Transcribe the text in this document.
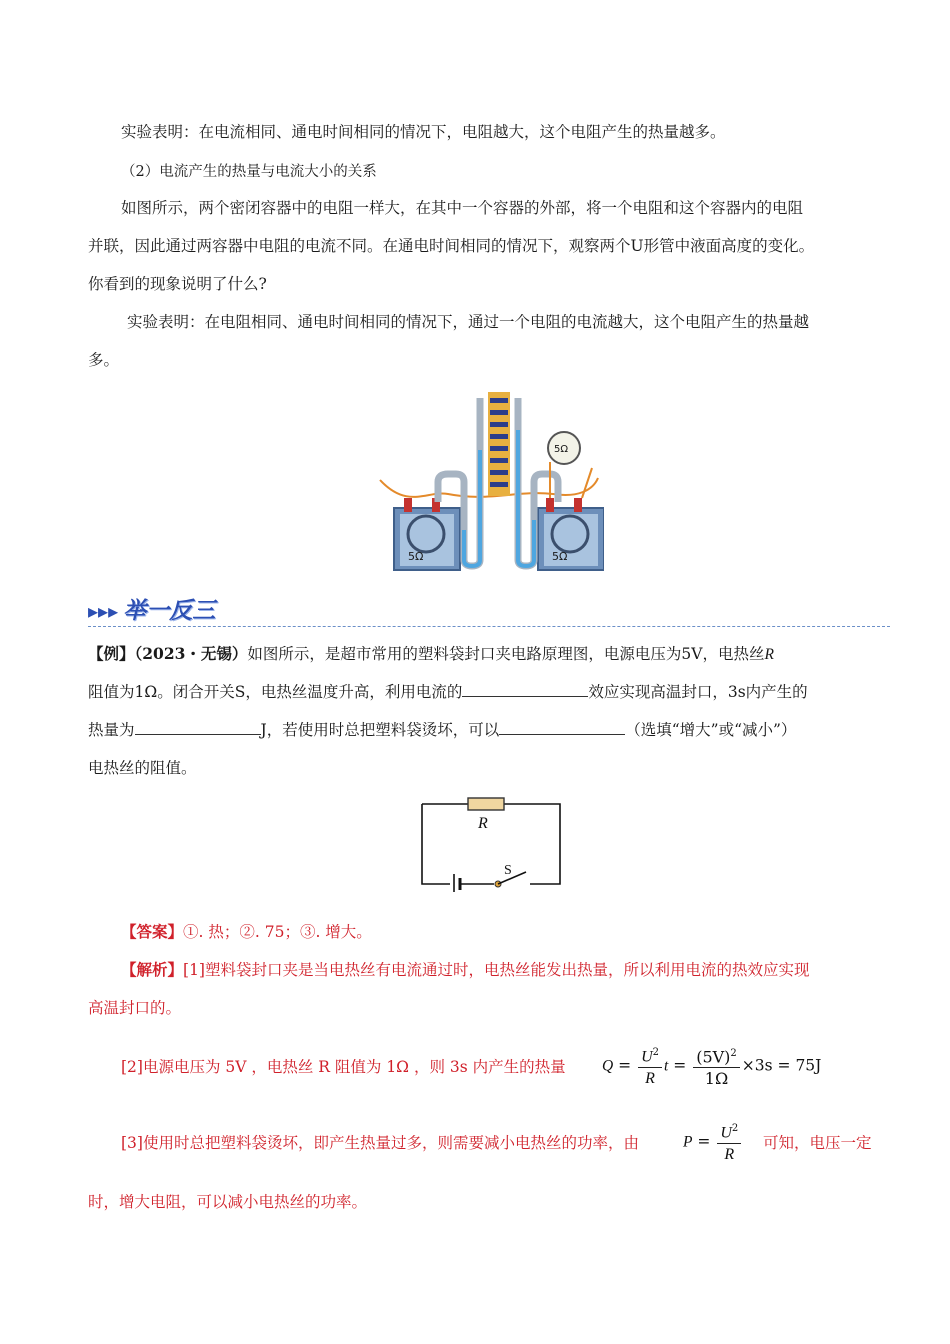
实验表明：在电流相同、通电时间相同的情况下，电阻越大，这个电阻产生的热量越多。
（2）电流产生的热量与电流大小的关系
如图所示，两个密闭容器中的电阻一样大，在其中一个容器的外部，将一个电阻和这个容器内的电阻
并联，因此通过两容器中电阻的电流不同。在通电时间相同的情况下，观察两个U形管中液面高度的变化。
你看到的现象说明了什么?
实验表明：在电阻相同、通电时间相同的情况下，通过一个电阻的电流越大，这个电阻产生的热量越
多。
5Ω	5Ω
5Ω
▸▸▸ 举一反三
【例】（2023・无锡）如图所示，是超市常用的塑料袋封口夹电路原理图，电源电压为5V，电热丝R
阻值为1Ω。闭合开关S，电热丝温度升高，利用电流的	效应实现高温封口，3s内产生的
热量为	J，若使用时总把塑料袋烫坏，可以	（选填“增大”或“减小”）
电热丝的阻值。
R
S
【答案】①. 热；②. 75；③. 增大。
【解析】[1]塑料袋封口夹是当电热丝有电流通过时，电热丝能发出热量，所以利用电流的热效应实现
高温封口的。
[2]电源电压为 5V ，电热丝 R 阻值为 1Ω ，则 3s 内产生的热量 $Q = \frac{U^2}{R}$ $t = \frac{(5V)^2}{1\Omega} \times 3s = 75J$
[3]使用时总把塑料袋烫坏，即产生热量过多，则需要减小电热丝的功率，由	$P = \frac{U^2}{R}$ 可知，电压一定
时，增大电阻，可以减小电热丝的功率。
